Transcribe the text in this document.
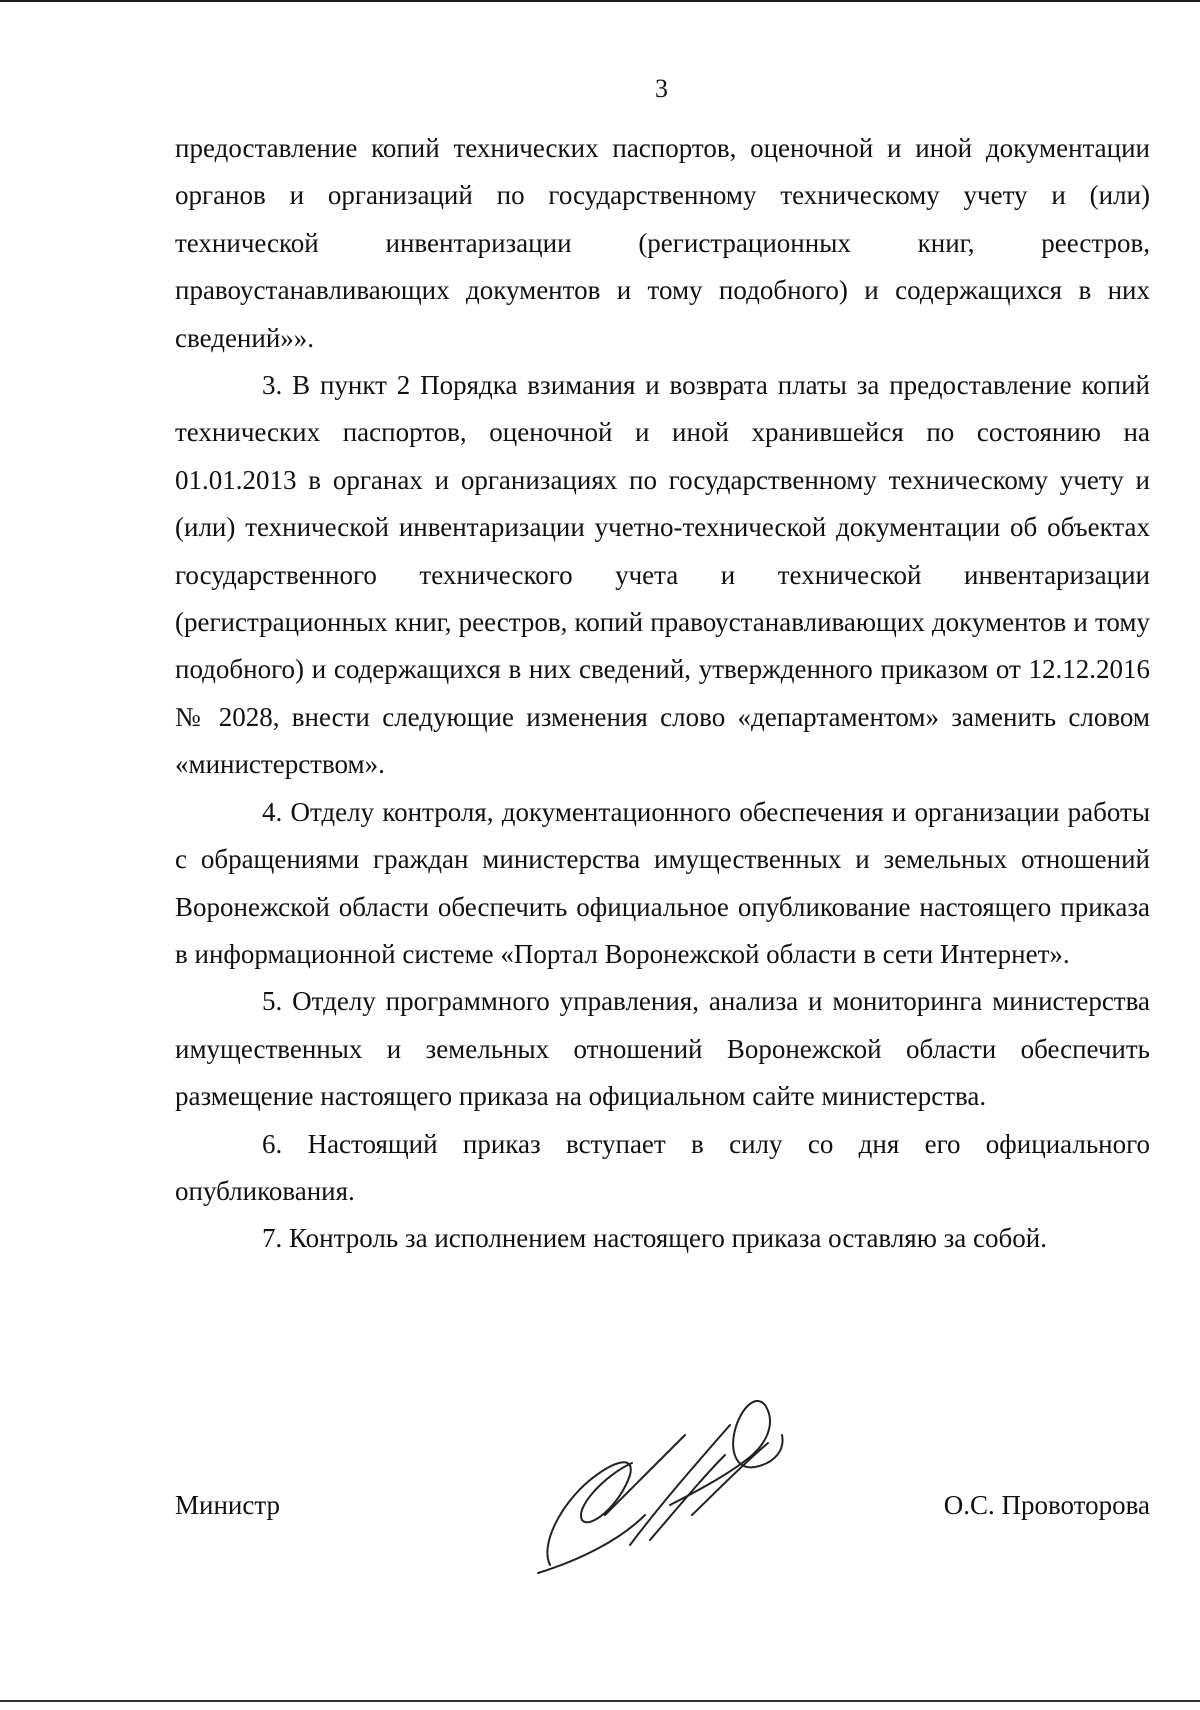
3

предоставление копий технических паспортов, оценочной и иной документации органов и организаций по государственному техническому учету и (или) технической инвентаризации (регистрационных книг, реестров, правоустанавливающих документов и тому подобного) и содержащихся в них сведений»».

3. В пункт 2 Порядка взимания и возврата платы за предоставление копий технических паспортов, оценочной и иной хранившейся по состоянию на 01.01.2013 в органах и организациях по государственному техническому учету и (или) технической инвентаризации учетно-технической документации об объектах государственного технического учета и технической инвентаризации (регистрационных книг, реестров, копий правоустанавливающих документов и тому подобного) и содержащихся в них сведений, утвержденного приказом от 12.12.2016 № 2028, внести следующие изменения слово «департаментом» заменить словом «министерством».

4. Отделу контроля, документационного обеспечения и организации работы с обращениями граждан министерства имущественных и земельных отношений Воронежской области обеспечить официальное опубликование настоящего приказа в информационной системе «Портал Воронежской области в сети Интернет».

5. Отделу программного управления, анализа и мониторинга министерства имущественных и земельных отношений Воронежской области обеспечить размещение настоящего приказа на официальном сайте министерства.

6. Настоящий приказ вступает в силу со дня его официального опубликования.

7. Контроль за исполнением настоящего приказа оставляю за собой.

Министр	О.С. Провоторова
